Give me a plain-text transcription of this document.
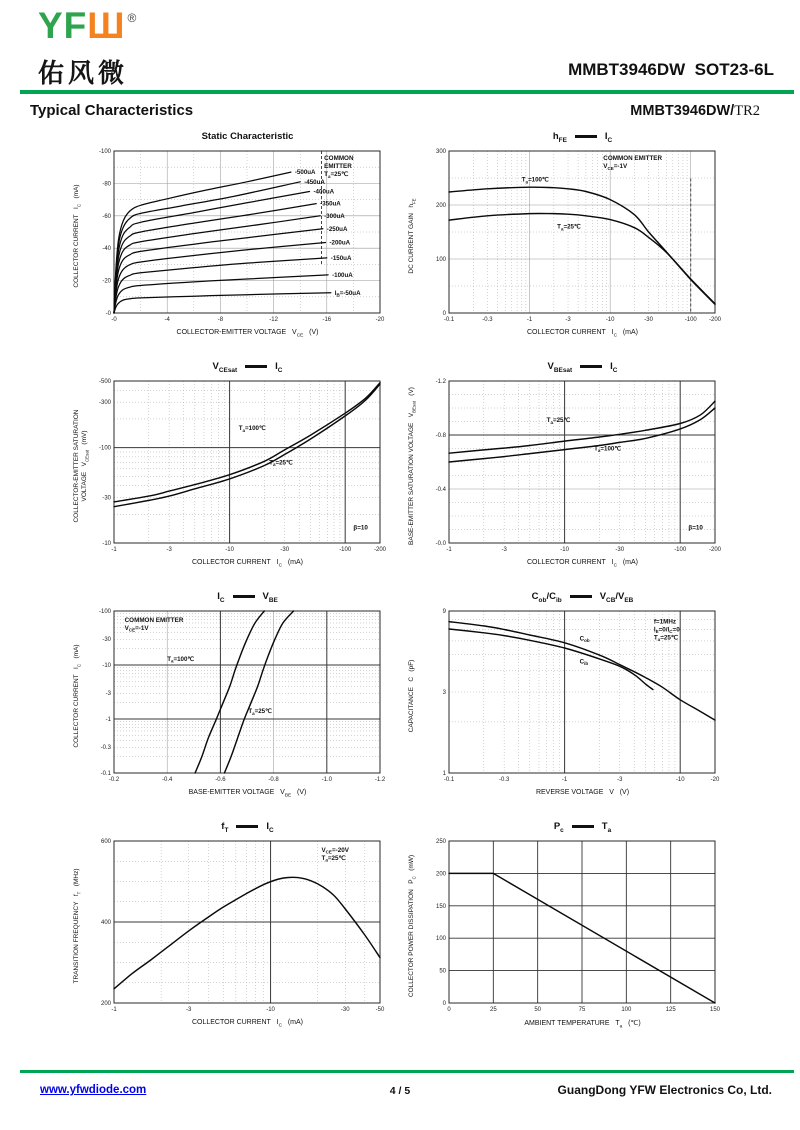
YFШ ®
佑风微	MMBT3946DW  SOT23-6L
Typical Characteristics	MMBT3946DW/TR2
Static Characteristic
-0	-4	-8	-12	-16	-20
-0
-20
-40
-60
-80
-100
-500uA
-450uA
-400uA
-350uA
-300uA
-250uA
-200uA
-150uA
-100uA
$I_B=-50uA$
COMMON EMITTER $T_a=25℃$
COLLECTOR CURRENT   $I_C$   (mA)
COLLECTOR-EMITTER VOLTAGE   $V_{CE}$   (V)
$h_{FE}$	$I_C$
-0.1	-0.3	-1	-3	-10	-30	-100 -200
0
100
200
300
$T_a=100℃$
$T_a=25℃$
COMMON EMITTER $V_{CE}=-1V$
DC CURRENT GAIN   $h_{FE}$
COLLECTOR CURRENT   $I_C$   (mA)
$V_{CEsat}$	$I_C$
-1	-3	-10	-30	-100	-200
-10
-30
-100
-300
-500
$T_a=100℃$
$T_a=25℃$
β=10
COLLECTOR-EMITTER SATURATION VOLTAGE   $V_{CEsat}$   (mV)
COLLECTOR CURRENT   $I_C$   (mA)
$V_{BEsat}$	$I_C$
-1	-3	-10	-30	-100	-200
-0.0
-0.4
-0.8
-1.2
$T_a=25℃$
$T_a=100℃$
β=10
BASE-EMITTER SATURATION VOLTAGE   $V_{BEsat}$   (V)
COLLECTOR CURRENT   $I_C$   (mA)
$I_C$	$V_{BE}$
-0.2	-0.4	-0.6	-0.8	-1.0	-1.2
-0.1
-0.3
-1
-3
-10
-30
-100
$T_a=100℃$
$T_a=25℃$
COMMON EMITTER $V_{CE}=-1V$
COLLECTOR CURRENT   $I_C$   (mA)
BASE-EMITTER VOLTAGE   $V_{BE}$   (V)
$C_{ob}/C_{ib}$	$V_{CB}/V_{EB}$
-0.1	-0.3	-1	-3	-10	-20
1
3
9
$C_{ob}$
$C_{ib}$
f=1MHz $I_E=0/I_C=0$ $T_a=25℃$
CAPACITANCE   C   (pF)
REVERSE VOLTAGE   V   (V)
$f_T$	$I_C$
-1	-3	-10	-30	-50
200
400
600
$V_{CE}=-20V$ $T_a=25℃$
TRANSITION FREQUENCY   $f_T$   (MHz)
COLLECTOR CURRENT   $I_C$   (mA)
$P_c$	$T_a$
0	25	50	75	100	125	150
0
50
100
150
200
250
COLLECTOR POWER DISSIPATION   $P_C$   (mW)
AMBIENT TEMPERATURE   $T_a$   (℃)
www.yfwdiode.com	4 / 5	GuangDong YFW Electronics Co, Ltd.
